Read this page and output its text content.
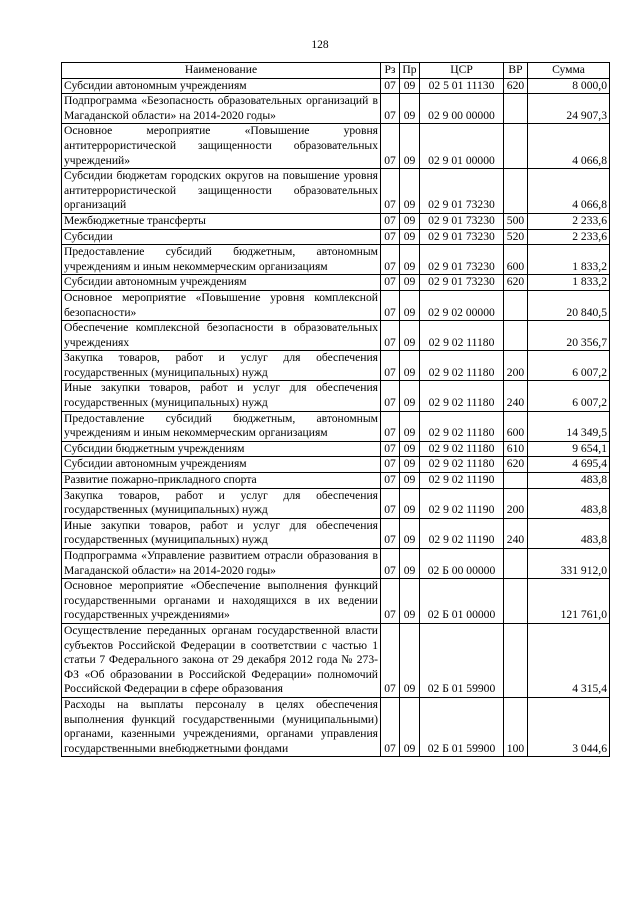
128
Наименование	Рз	Пр	ЦСР	ВР	Сумма
Субсидии автономным учреждениям	07	09	02 5 01 11130	620	8 000,0
Подпрограмма «Безопасность образовательных организаций в Магаданской области» на 2014-2020 годы»	07	09	02 9 00 00000		24 907,3
Основное мероприятие «Повышение уровня антитеррористической защищенности образовательных учреждений»	07	09	02 9 01 00000		4 066,8
Субсидии бюджетам городских округов на повышение уровня антитеррористической защищенности образовательных организаций	07	09	02 9 01 73230		4 066,8
Межбюджетные трансферты	07	09	02 9 01 73230	500	2 233,6
Субсидии	07	09	02 9 01 73230	520	2 233,6
Предоставление субсидий бюджетным, автономным учреждениям и иным некоммерческим организациям	07	09	02 9 01 73230	600	1 833,2
Субсидии автономным учреждениям	07	09	02 9 01 73230	620	1 833,2
Основное мероприятие «Повышение уровня комплексной безопасности»	07	09	02 9 02 00000		20 840,5
Обеспечение комплексной безопасности в образовательных учреждениях	07	09	02 9 02 11180		20 356,7
Закупка товаров, работ и услуг для обеспечения государственных (муниципальных) нужд	07	09	02 9 02 11180	200	6 007,2
Иные закупки товаров, работ и услуг для обеспечения государственных (муниципальных) нужд	07	09	02 9 02 11180	240	6 007,2
Предоставление субсидий бюджетным, автономным учреждениям и иным некоммерческим организациям	07	09	02 9 02 11180	600	14 349,5
Субсидии бюджетным учреждениям	07	09	02 9 02 11180	610	9 654,1
Субсидии автономным учреждениям	07	09	02 9 02 11180	620	4 695,4
Развитие пожарно-прикладного спорта	07	09	02 9 02 11190		483,8
Закупка товаров, работ и услуг для обеспечения государственных (муниципальных) нужд	07	09	02 9 02 11190	200	483,8
Иные закупки товаров, работ и услуг для обеспечения государственных (муниципальных) нужд	07	09	02 9 02 11190	240	483,8
Подпрограмма «Управление развитием отрасли образования в Магаданской области» на 2014-2020 годы»	07	09	02 Б 00 00000		331 912,0
Основное мероприятие «Обеспечение выполнения функций государственными органами и находящихся в их ведении государственных учреждениями»	07	09	02 Б 01 00000		121 761,0
Осуществление переданных органам государственной власти субъектов Российской Федерации в соответствии с частью 1 статьи 7 Федерального закона от 29 декабря 2012 года № 273-ФЗ «Об образовании в Российской Федерации» полномочий Российской Федерации в сфере образования	07	09	02 Б 01 59900		4 315,4
Расходы на выплаты персоналу в целях обеспечения выполнения функций государственными (муниципальными) органами, казенными учреждениями, органами управления государственными внебюджетными фондами	07	09	02 Б 01 59900	100	3 044,6
